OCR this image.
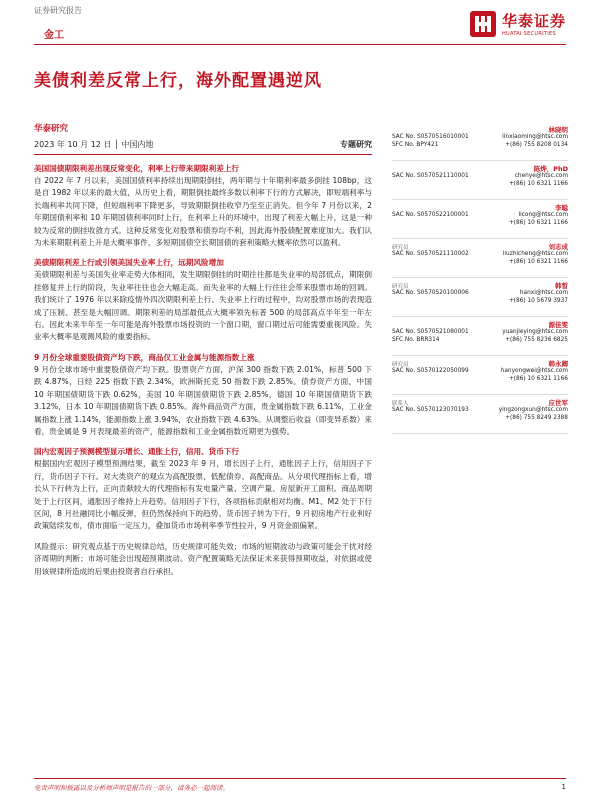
证券研究报告
金工
华泰证券
HUATAI SECURITIES
美债利差反常上行，海外配置遇逆风
华泰研究
2023 年 10 月 12 日 │ 中国内地	专题研究
美国国债期限利差出现反常变化，利率上行带来期限利差上行
自 2022 年 7 月以来，美国国债利率持续出现期限倒挂，两年期与十年期利率最多倒挂 108bp，这是自 1982 年以来的最大值，从历史上看，期限倒挂最终多数以利率下行的方式解决，即短端利率与长端利率共同下降，但短端利率下降更多，导致期限倒挂收窄乃至至正消失。但今年 7 月份以来，2 年期国债利率和 10 年期国债利率同时上行，在利率上升的环境中，出现了利差大幅上升，这是一种较为反常的倒挂收敛方式。这种反常变化对股票和债券均不利，因此海外股债配置难度加大。我们认为未来期限利差上升是大概率事件，多短期国债空长期国债的套利策略大概率依然可以盈利。
美债期限利差上行或引领美国失业率上行，远期风险增加
美债期限利差与美国失业率走势大体相同，发生期限倒挂的时期往往都是失业率的局部低点，期限倒挂修复并上行的阶段，失业率往往也会大幅走高。而失业率的大幅上行往往会带来股票市场的回调。我们统计了 1976 年以来除疫情外四次期限利差上行、失业率上行的过程中，均对股票市场的表现造成了压制、甚至是大幅回调。期限利差的局部最低点大概率领先标普 500 的局部高点半年至一年左右。因此未来半年至一年可能是海外股票市场投资的一个窗口期，窗口期过后可能需要重视风险。失业率大概率是观测风险的重要指标。
9 月份全球重要股债资产均下跌，商品仅工业金属与能源指数上涨
9 月份全球市场中重要股债资产均下跌。股票资产方面，沪深 300 指数下跌 2.01%，标普 500 下跌 4.87%，日经 225 指数下跌 2.34%，欧洲斯托克 50 指数下跌 2.85%。债券资产方面，中国 10 年期国债期货下跌 0.62%，美国 10 年期国债期货下跌 2.85%，德国 10 年期国债期货下跌 3.12%，日本 10 年期国债期货下跌 0.85%。海外商品资产方面，贵金属指数下跌 6.11%，工业金属指数上涨 1.14%，能源指数上涨 3.94%，农业指数下跌 4.63%。从调整后收益（即变异系数）来看，贵金属是 9 月表现最差的资产，能源指数和工业金属指数近期更为强势。
国内宏观因子预测模型显示增长、通胀上行，信用、货币下行
根据国内宏观因子模型预测结果，截至 2023 年 9 月，增长因子上行，通胀因子上行，信用因子下行，货币因子下行。对大类资产的观点为高配股票、低配债券、高配商品。从分项代理指标上看，增长从下行转为上行，正向贡献较大的代理指标有发电量产量、空调产量、房屋新开工面积。商品周期处于上行区间，通胀因子维持上升趋势。信用因子下行，各项指标贡献相对均衡。M1、M2 处于下行区间，8 月社融同比小幅反弹，但仍然保持向下的趋势。货币因子转为下行，9 月初房地产行业利好政策陆续发布，债市面临一定压力，叠加货币市场利率季节性拉升，9 月资金面偏紧。
风险提示：研究观点基于历史规律总结，历史规律可能失效；市场的短期波动与政策可能会干扰对经济周期的判断；市场可能会出现超预期波动。资产配置策略无法保证未来获得预期收益，对依据或使用该规律所造成的后果由投资者自行承担。
林晓明
SAC No. S0570516010001	linxiaoming@htsc.com
SFC No. BPY421	+(86) 755 8208 0134
陈烨，PhD
SAC No. S0570521110001	chenye@htsc.com
+(86) 10 6321 1166
李聪
SAC No. S0570522100001	licong@htsc.com
+(86) 10 6321 1166
研究员	刘志成
SAC No. S0570521110002	liuzhicheng@htsc.com
+(86) 10 6321 1166
研究员	韩晳
SAC No. S0570520100006	hanxi@htsc.com
+(86) 10 5679 3937
源佳雯
SAC No. S0570521080001	yuanjieying@htsc.com
SFC No. BRR314	+(86) 755 8236 6825
研究员	韩永卿
SAC No. S0570122050099	hanyongwei@htsc.com
+(86) 10 6321 1166
联系人	应世军
SAC No. S0570123070193	yingzongxun@htsc.com
+(86) 755 8249 2388
免责声明和披露以及分析师声明是报告的一部分，请务必一起阅读。	1
